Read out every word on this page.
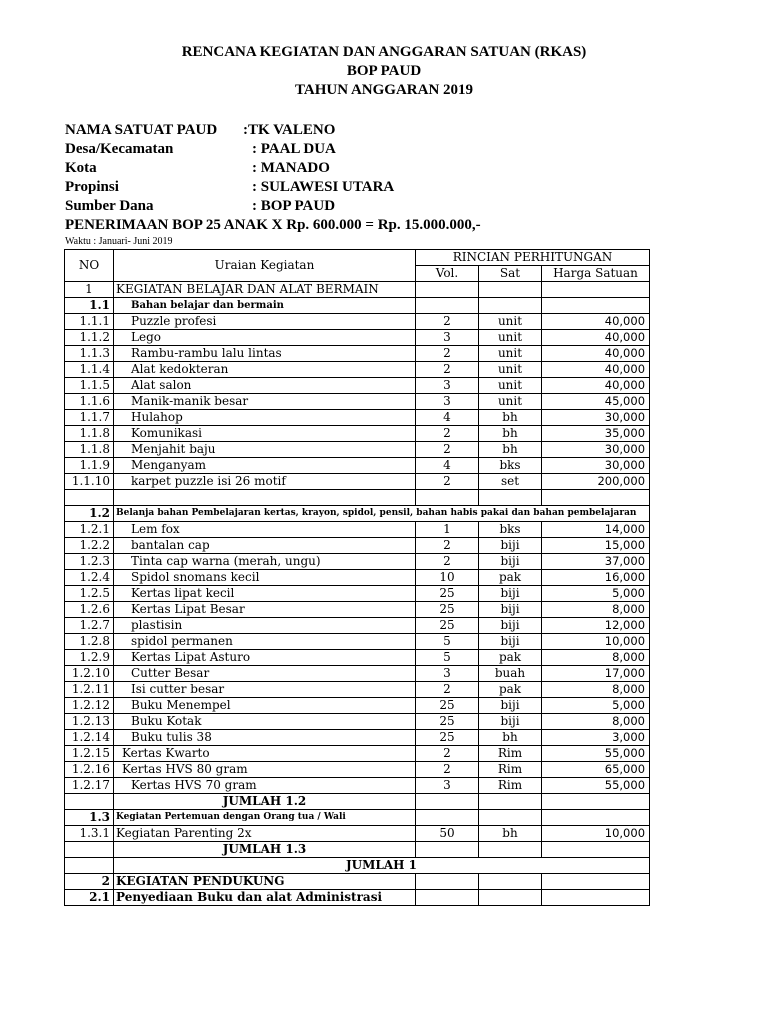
RENCANA KEGIATAN DAN ANGGARAN SATUAN (RKAS)
BOP PAUD
TAHUN ANGGARAN 2019
NAMA SATUAT PAUD :TK VALENO
Desa/Kecamatan	: PAAL DUA
Kota	: MANADO
Propinsi	: SULAWESI UTARA
Sumber Dana	: BOP PAUD
PENERIMAAN BOP 25 ANAK X Rp. 600.000 = Rp. 15.000.000,-
Waktu : Januari- Juni 2019
NO	Uraian Kegiatan	RINCIAN PERHITUNGAN		
		Vol.	Sat	Harga Satuan
1	KEGIATAN BELAJAR DAN ALAT BERMAIN			
1.1	Bahan belajar dan bermain			
1.1.1	Puzzle profesi	2	unit	40,000
1.1.2	Lego	3	unit	40,000
1.1.3	Rambu-rambu lalu lintas	2	unit	40,000
1.1.4	Alat kedokteran	2	unit	40,000
1.1.5	Alat salon	3	unit	40,000
1.1.6	Manik-manik besar	3	unit	45,000
1.1.7	Hulahop	4	bh	30,000
1.1.8	Komunikasi	2	bh	35,000
1.1.8	Menjahit baju	2	bh	30,000
1.1.9	Menganyam	4	bks	30,000
1.1.10	karpet puzzle isi 26 motif	2	set	200,000

1.2	Belanja bahan Pembelajaran kertas, krayon, spidol, pensil, bahan habis pakai dan bahan pembelajaran			
1.2.1	Lem fox	1	bks	14,000
1.2.2	bantalan cap	2	biji	15,000
1.2.3	Tinta cap warna (merah, ungu)	2	biji	37,000
1.2.4	Spidol snomans kecil	10	pak	16,000
1.2.5	Kertas lipat kecil	25	biji	5,000
1.2.6	Kertas Lipat Besar	25	biji	8,000
1.2.7	plastisin	25	biji	12,000
1.2.8	spidol permanen	5	biji	10,000
1.2.9	Kertas Lipat Asturo	5	pak	8,000
1.2.10	Cutter Besar	3	buah	17,000
1.2.11	Isi cutter besar	2	pak	8,000
1.2.12	Buku Menempel	25	biji	5,000
1.2.13	Buku Kotak	25	biji	8,000
1.2.14	Buku tulis 38	25	bh	3,000
1.2.15	Kertas Kwarto	2	Rim	55,000
1.2.16	Kertas HVS 80 gram	2	Rim	65,000
1.2.17	Kertas HVS 70 gram	3	Rim	55,000
	JUMLAH 1.2			
1.3	Kegiatan Pertemuan dengan Orang tua / Wali			
1.3.1	Kegiatan Parenting 2x	50	bh	10,000
	JUMLAH 1.3			
	JUMLAH 1			
2	KEGIATAN PENDUKUNG			
2.1	Penyediaan Buku dan alat Administrasi			
